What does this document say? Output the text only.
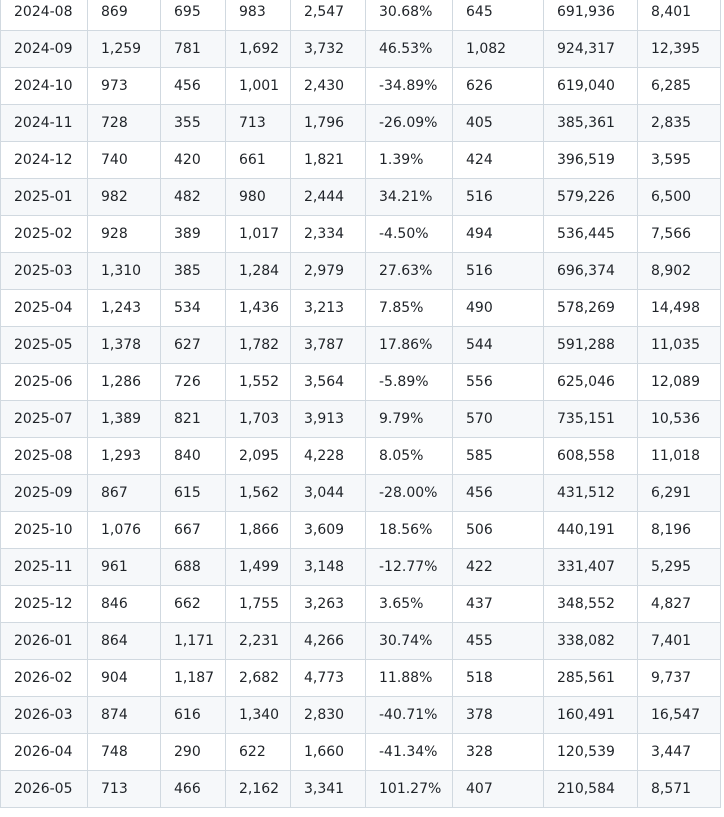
2024-08	869	695	983	2,547	30.68%	645	691,936	8,401
2024-09	1,259	781	1,692	3,732	46.53%	1,082	924,317	12,395
2024-10	973	456	1,001	2,430	-34.89%	626	619,040	6,285
2024-11	728	355	713	1,796	-26.09%	405	385,361	2,835
2024-12	740	420	661	1,821	1.39%	424	396,519	3,595
2025-01	982	482	980	2,444	34.21%	516	579,226	6,500
2025-02	928	389	1,017	2,334	-4.50%	494	536,445	7,566
2025-03	1,310	385	1,284	2,979	27.63%	516	696,374	8,902
2025-04	1,243	534	1,436	3,213	7.85%	490	578,269	14,498
2025-05	1,378	627	1,782	3,787	17.86%	544	591,288	11,035
2025-06	1,286	726	1,552	3,564	-5.89%	556	625,046	12,089
2025-07	1,389	821	1,703	3,913	9.79%	570	735,151	10,536
2025-08	1,293	840	2,095	4,228	8.05%	585	608,558	11,018
2025-09	867	615	1,562	3,044	-28.00%	456	431,512	6,291
2025-10	1,076	667	1,866	3,609	18.56%	506	440,191	8,196
2025-11	961	688	1,499	3,148	-12.77%	422	331,407	5,295
2025-12	846	662	1,755	3,263	3.65%	437	348,552	4,827
2026-01	864	1,171	2,231	4,266	30.74%	455	338,082	7,401
2026-02	904	1,187	2,682	4,773	11.88%	518	285,561	9,737
2026-03	874	616	1,340	2,830	-40.71%	378	160,491	16,547
2026-04	748	290	622	1,660	-41.34%	328	120,539	3,447
2026-05	713	466	2,162	3,341	101.27%	407	210,584	8,571
